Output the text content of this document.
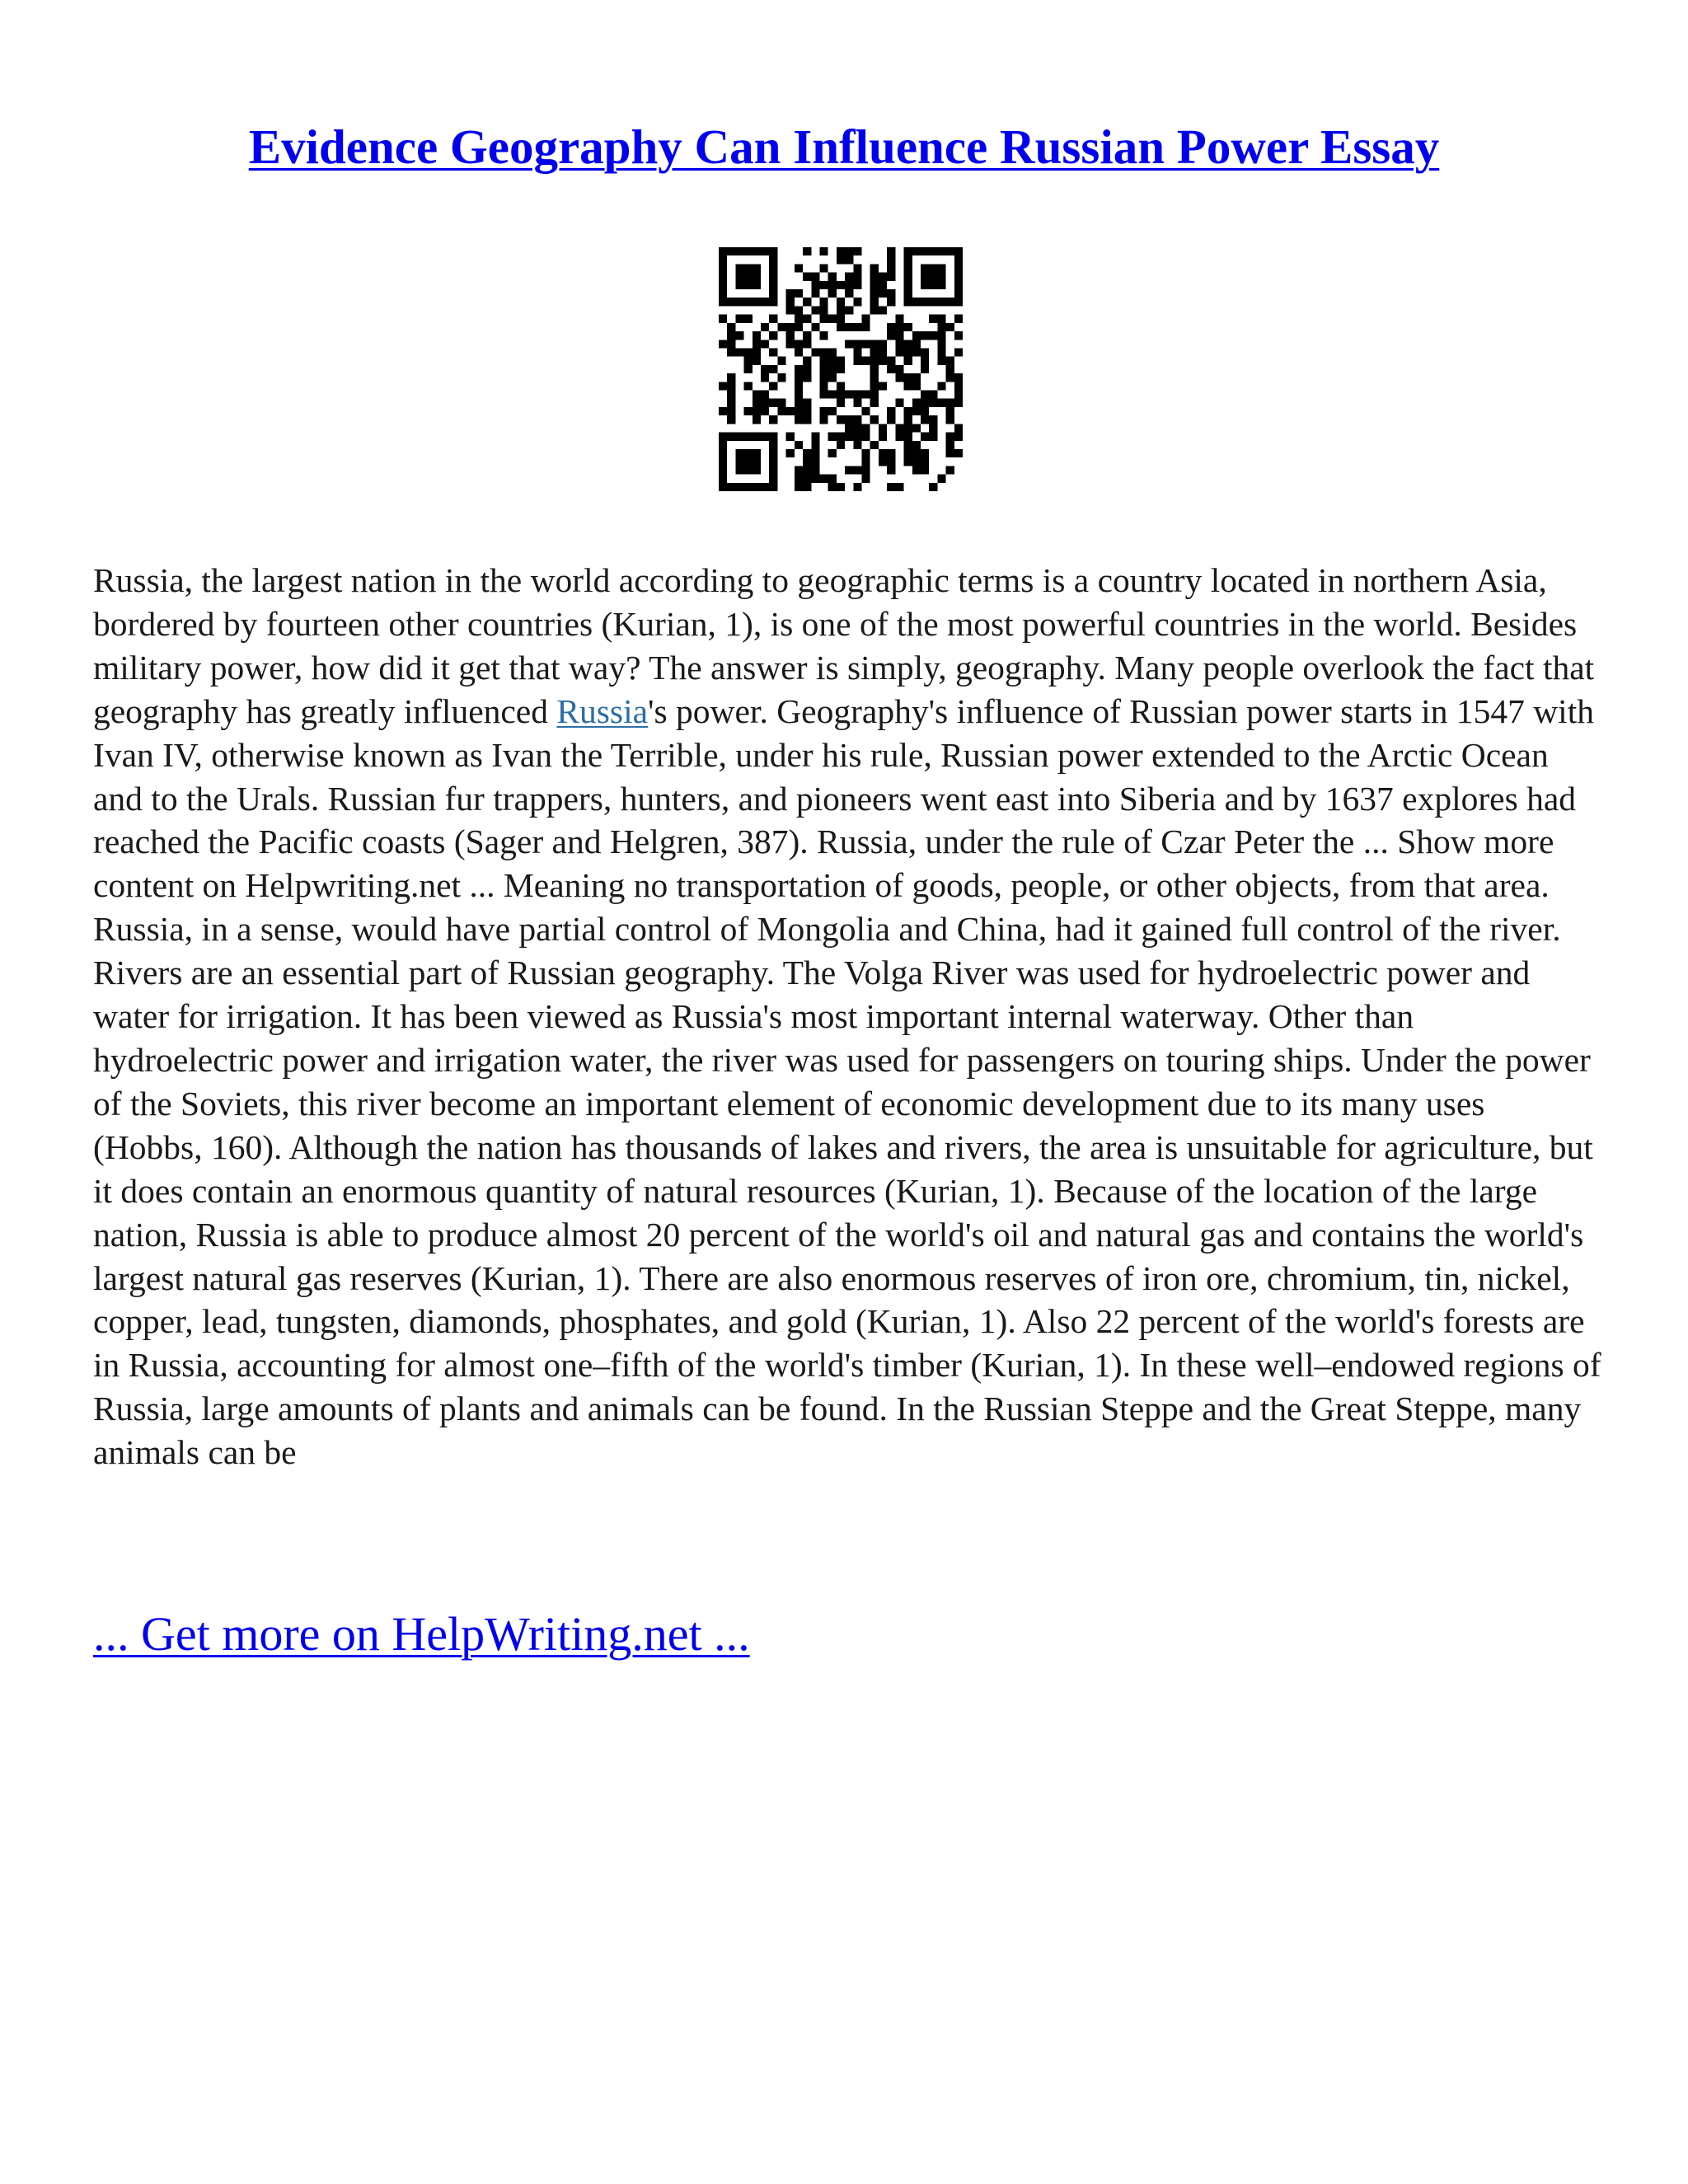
Evidence Geography Can Influence Russian Power Essay

Russia, the largest nation in the world according to geographic terms is a country located in northern Asia, bordered by fourteen other countries (Kurian, 1), is one of the most powerful countries in the world. Besides military power, how did it get that way? The answer is simply, geography. Many people overlook the fact that geography has greatly influenced Russia's power. Geography's influence of Russian power starts in 1547 with Ivan IV, otherwise known as Ivan the Terrible, under his rule, Russian power extended to the Arctic Ocean and to the Urals. Russian fur trappers, hunters, and pioneers went east into Siberia and by 1637 explores had reached the Pacific coasts (Sager and Helgren, 387). Russia, under the rule of Czar Peter the ... Show more content on Helpwriting.net ... Meaning no transportation of goods, people, or other objects, from that area. Russia, in a sense, would have partial control of Mongolia and China, had it gained full control of the river. Rivers are an essential part of Russian geography. The Volga River was used for hydroelectric power and water for irrigation. It has been viewed as Russia's most important internal waterway. Other than hydroelectric power and irrigation water, the river was used for passengers on touring ships. Under the power of the Soviets, this river become an important element of economic development due to its many uses (Hobbs, 160). Although the nation has thousands of lakes and rivers, the area is unsuitable for agriculture, but it does contain an enormous quantity of natural resources (Kurian, 1). Because of the location of the large nation, Russia is able to produce almost 20 percent of the world's oil and natural gas and contains the world's largest natural gas reserves (Kurian, 1). There are also enormous reserves of iron ore, chromium, tin, nickel, copper, lead, tungsten, diamonds, phosphates, and gold (Kurian, 1). Also 22 percent of the world's forests are in Russia, accounting for almost one–fifth of the world's timber (Kurian, 1). In these well–endowed regions of Russia, large amounts of plants and animals can be found. In the Russian Steppe and the Great Steppe, many animals can be

... Get more on HelpWriting.net ...
